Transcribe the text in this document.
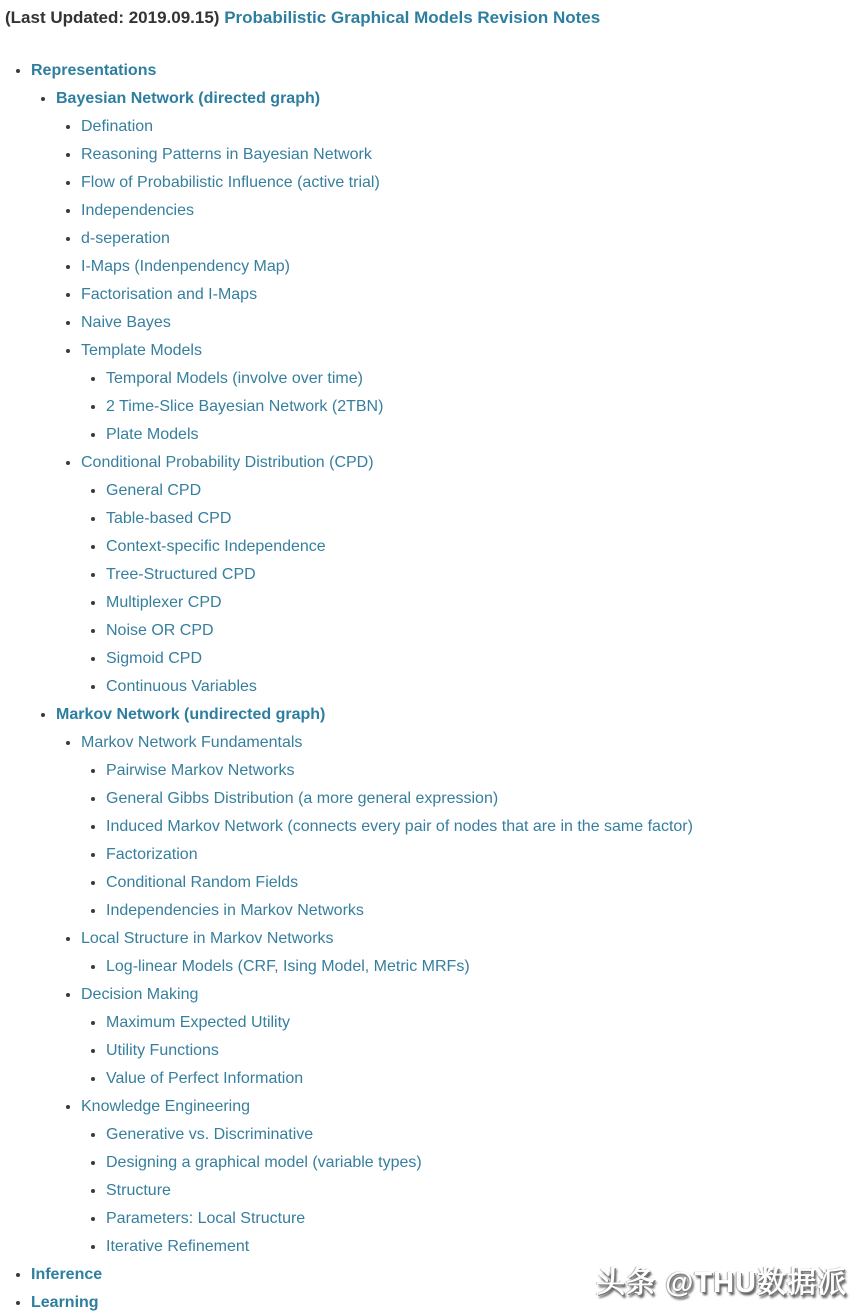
(Last Updated: 2019.09.15) Probabilistic Graphical Models Revision Notes
• Representations
• Bayesian Network (directed graph)
• Defination
• Reasoning Patterns in Bayesian Network
• Flow of Probabilistic Influence (active trial)
• Independencies
• d-seperation
• I-Maps (Indenpendency Map)
• Factorisation and I-Maps
• Naive Bayes
• Template Models
• Temporal Models (involve over time)
• 2 Time-Slice Bayesian Network (2TBN)
• Plate Models
• Conditional Probability Distribution (CPD)
• General CPD
• Table-based CPD
• Context-specific Independence
• Tree-Structured CPD
• Multiplexer CPD
• Noise OR CPD
• Sigmoid CPD
• Continuous Variables
• Markov Network (undirected graph)
• Markov Network Fundamentals
• Pairwise Markov Networks
• General Gibbs Distribution (a more general expression)
• Induced Markov Network (connects every pair of nodes that are in the same factor)
• Factorization
• Conditional Random Fields
• Independencies in Markov Networks
• Local Structure in Markov Networks
• Log-linear Models (CRF, Ising Model, Metric MRFs)
• Decision Making
• Maximum Expected Utility
• Utility Functions
• Value of Perfect Information
• Knowledge Engineering
• Generative vs. Discriminative
• Designing a graphical model (variable types)
• Structure
• Parameters: Local Structure
• Iterative Refinement
• Inference
• Learning
头条 @THU数据派
